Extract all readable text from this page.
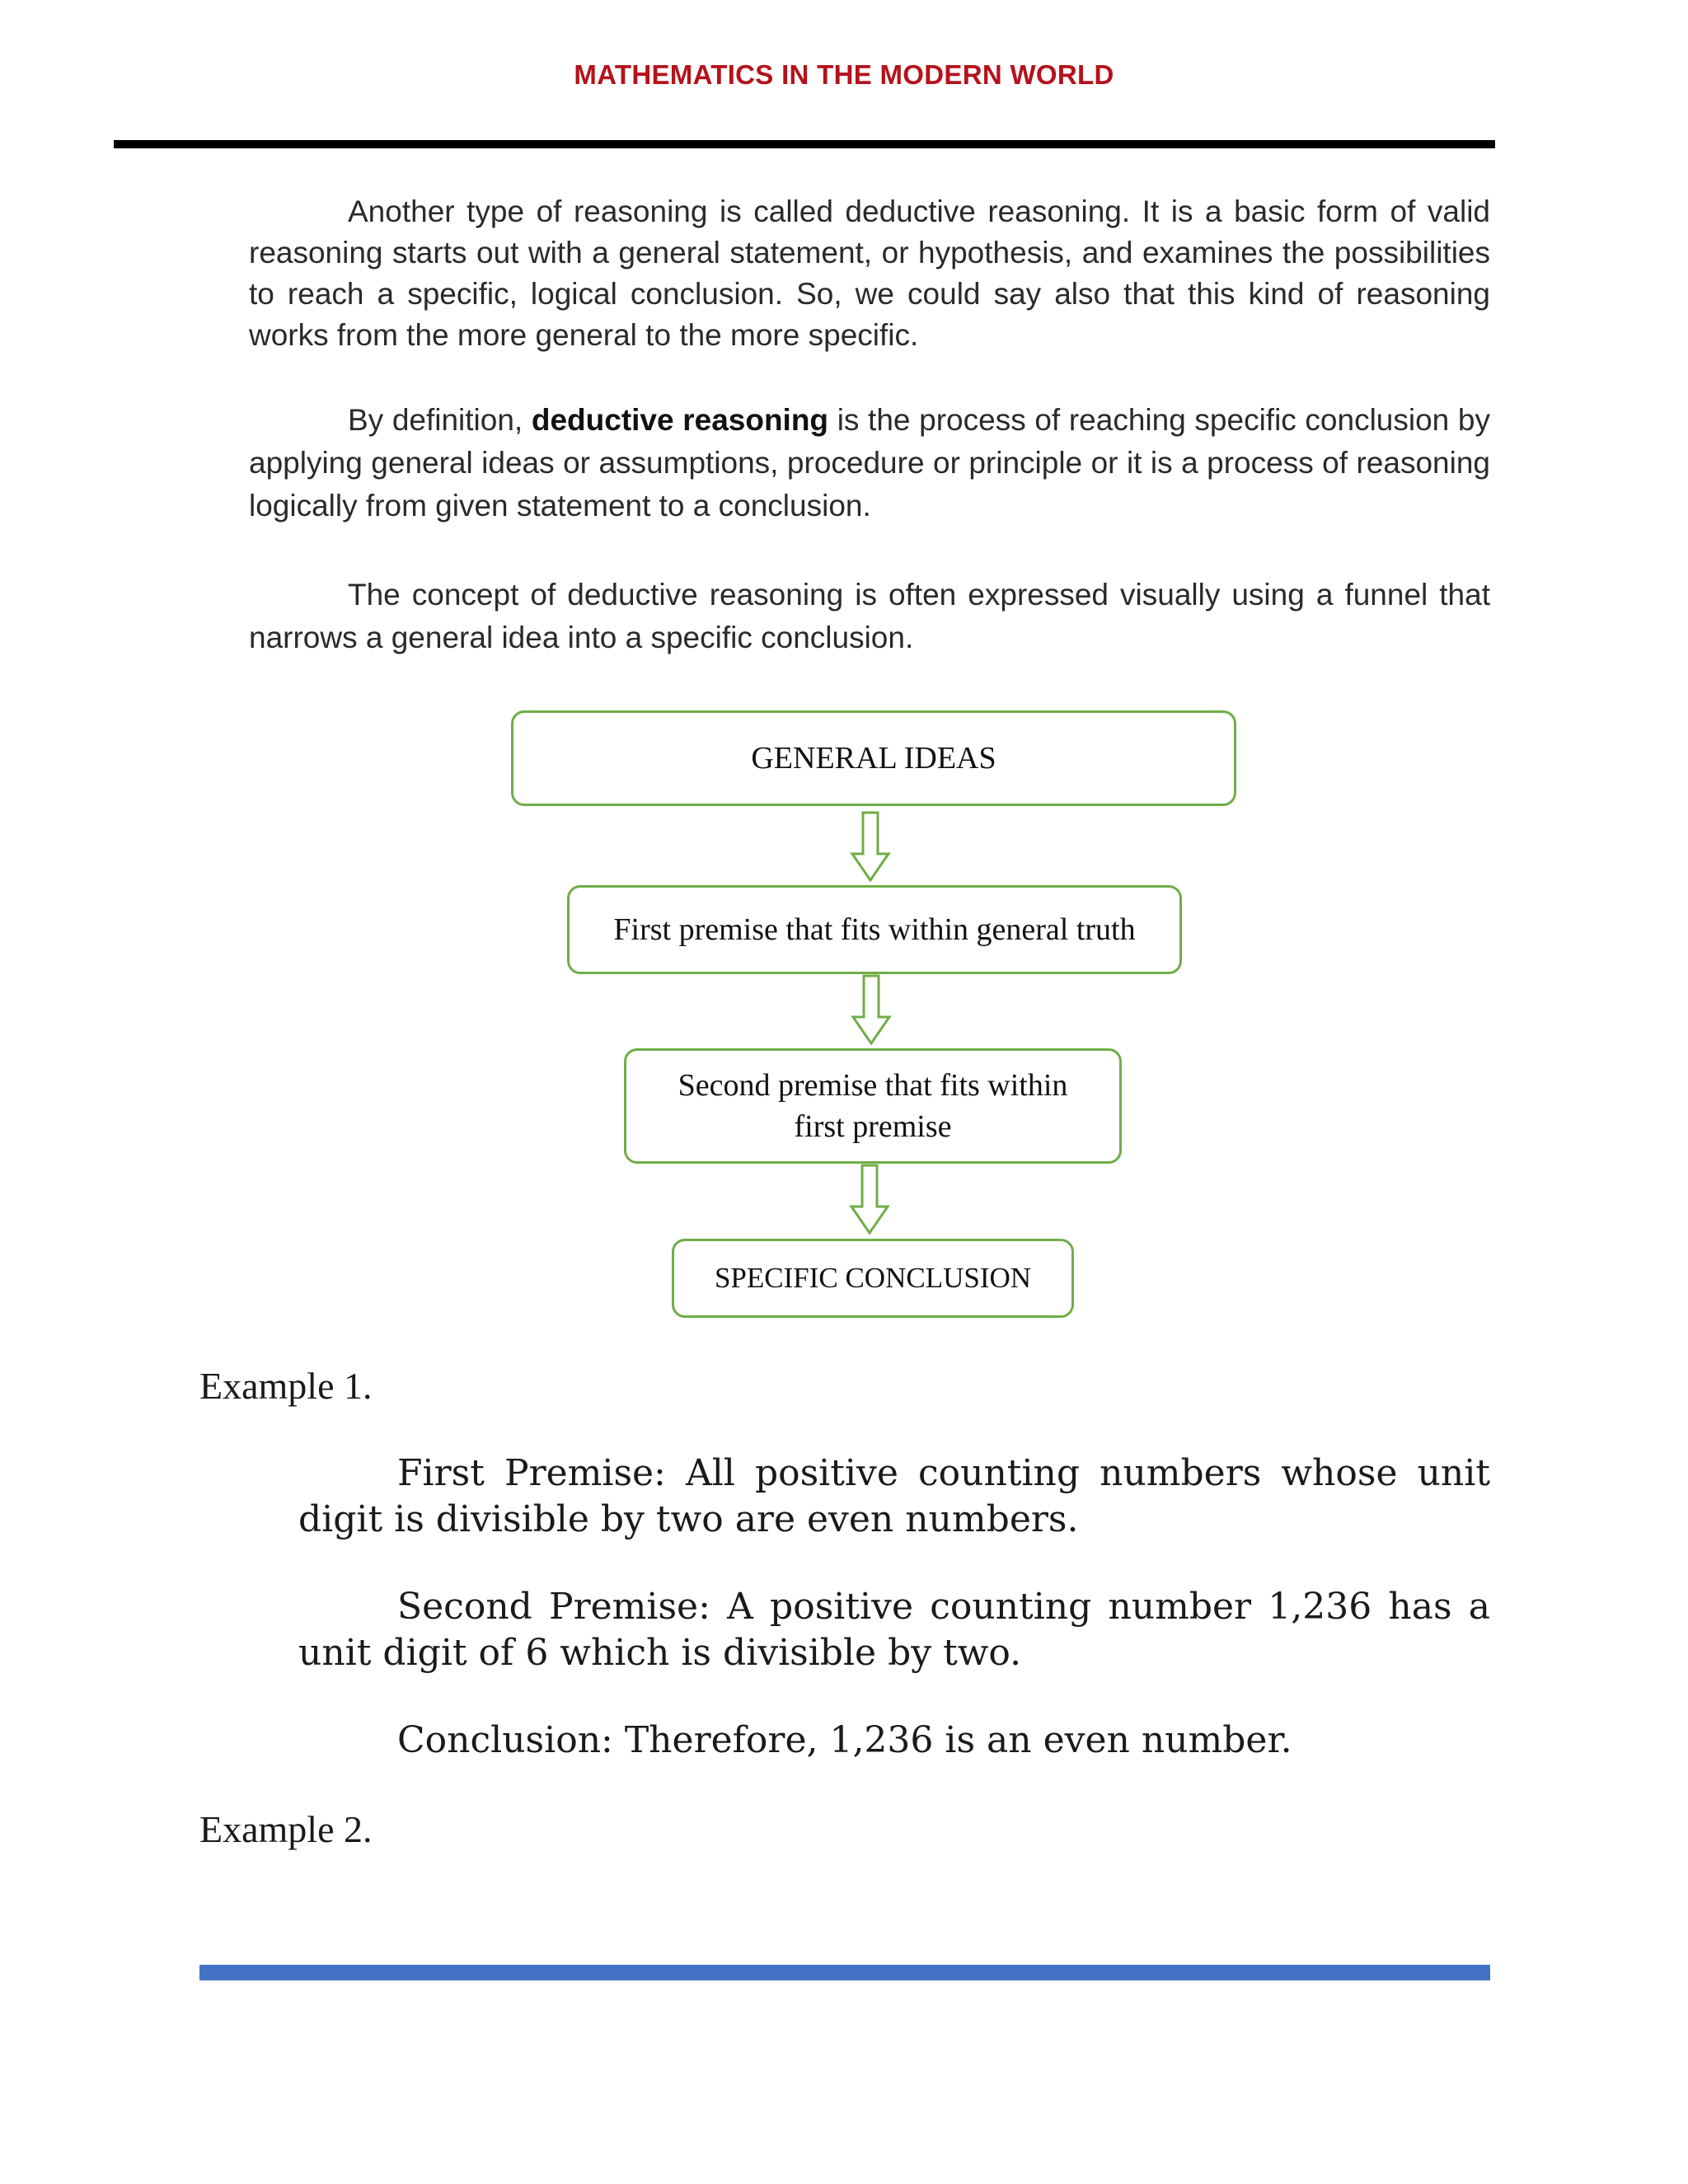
MATHEMATICS IN THE MODERN WORLD

Another type of reasoning is called deductive reasoning. It is a basic form of valid reasoning starts out with a general statement, or hypothesis, and examines the possibilities to reach a specific, logical conclusion. So, we could say also that this kind of reasoning works from the more general to the more specific.

By definition, deductive reasoning is the process of reaching specific conclusion by applying general ideas or assumptions, procedure or principle or it is a process of reasoning logically from given statement to a conclusion.

The concept of deductive reasoning is often expressed visually using a funnel that narrows a general idea into a specific conclusion.

GENERAL IDEAS
First premise that fits within general truth
Second premise that fits within first premise
SPECIFIC CONCLUSION
Example 1.

First Premise: All positive counting numbers whose unit digit is divisible by two are even numbers.

Second Premise: A positive counting number 1,236 has a unit digit of 6 which is divisible by two.

Conclusion: Therefore, 1,236 is an even number.

Example 2.
